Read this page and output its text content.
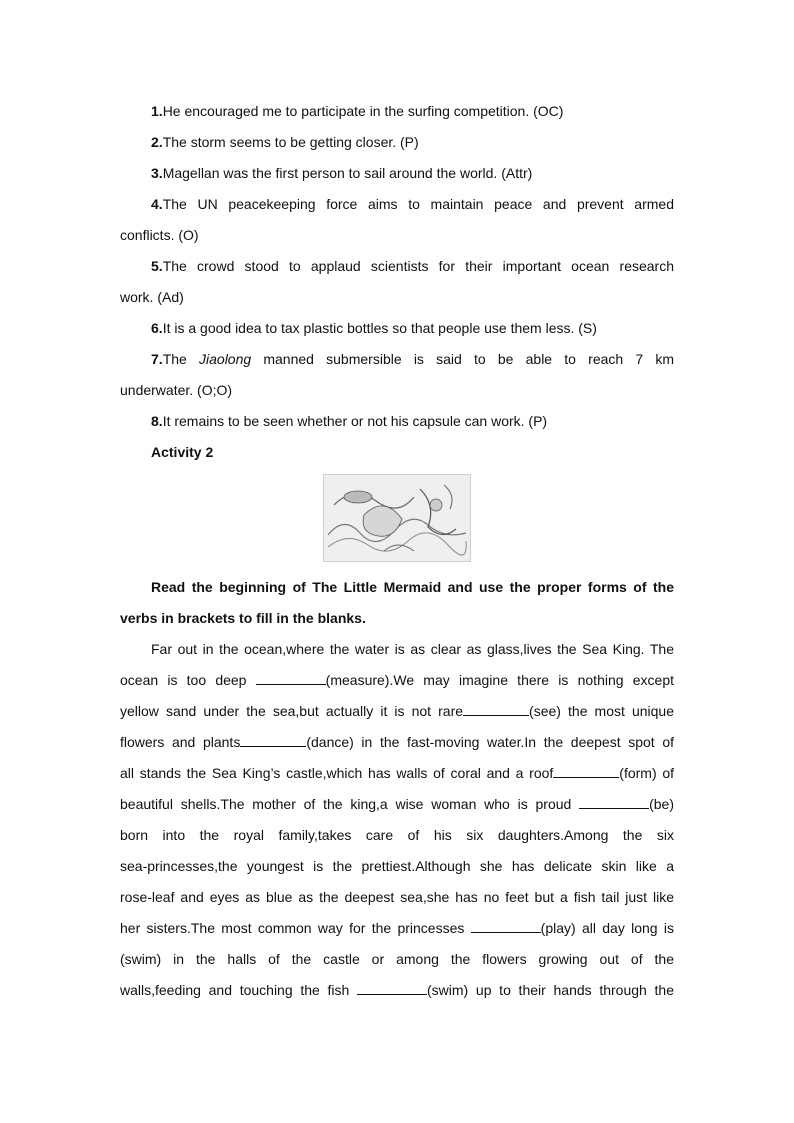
1.He encouraged me to participate in the surfing competition. (OC)
2.The storm seems to be getting closer. (P)
3.Magellan was the first person to sail around the world. (Attr)
4.The UN peacekeeping force aims to maintain peace and prevent armed
conflicts. (O)
5.The crowd stood to applaud scientists for their important ocean research
work. (Ad)
6.It is a good idea to tax plastic bottles so that people use them less. (S)
7.The Jiaolong manned submersible is said to be able to reach 7 km
underwater. (O;O)
8.It remains to be seen whether or not his capsule can work. (P)
Activity 2
Read the beginning of The Little Mermaid and use the proper forms of the
verbs in brackets to fill in the blanks.
Far out in the ocean,where the water is as clear as glass,lives the Sea King. The
ocean is too deep	(measure).We may imagine there is nothing except
yellow sand under the sea,but actually it is not rare	(see) the most unique
flowers and plants	(dance) in the fast-moving water.In the deepest spot of
all stands the Sea King’s castle,which has walls of coral and a roof	(form) of
beautiful shells.The mother of the king,a wise woman who is proud	(be)
born into the royal family,takes care of his six daughters.Among the six
sea-princesses,the youngest is the prettiest.Although she has delicate skin like a
rose-leaf and eyes as blue as the deepest sea,she has no feet but a fish tail just like
her sisters.The most common way for the princesses	(play) all day long is
(swim) in the halls of the castle or among the flowers growing out of the
walls,feeding and touching the fish	(swim) up to their hands through the
